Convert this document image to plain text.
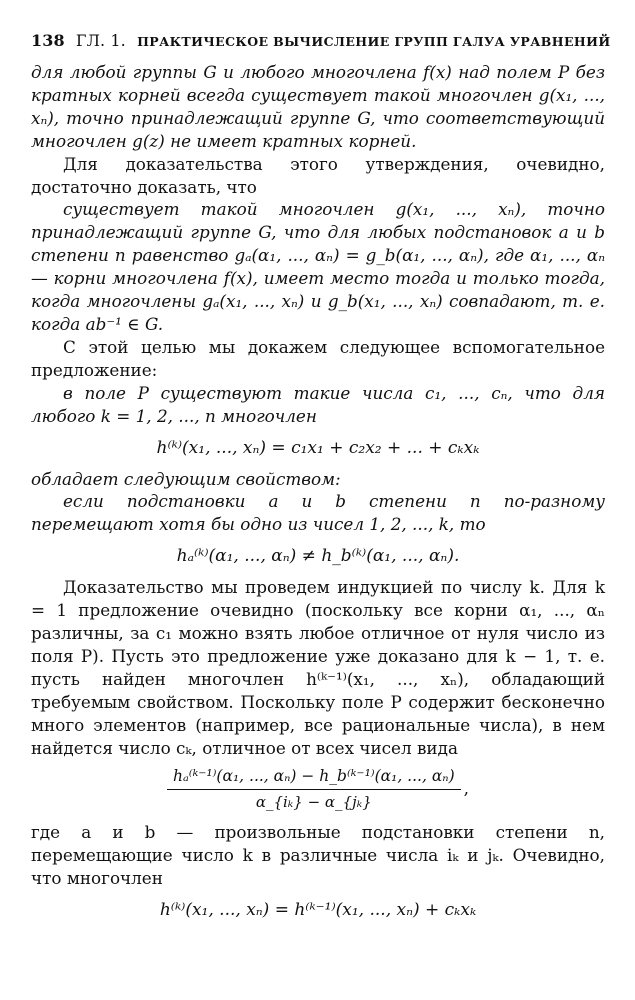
138 ГЛ. 1. ПРАКТИЧЕСКОЕ ВЫЧИСЛЕНИЕ ГРУПП ГАЛУА УРАВНЕНИЙ

для любой группы G и любого многочлена f(x) над полем P без кратных корней всегда существует такой многочлен g(x₁, ..., xₙ), точно принадлежащий группе G, что соответствующий многочлен g(z) не имеет кратных корней.

Для доказательства этого утверждения, очевидно, достаточно доказать, что

существует такой многочлен g(x₁, ..., xₙ), точно принадлежащий группе G, что для любых подстановок a и b степени n равенство gₐ(α₁, ..., αₙ) = g_b(α₁, ..., αₙ), где α₁, ..., αₙ — корни многочлена f(x), имеет место тогда и только тогда, когда многочлены gₐ(x₁, ..., xₙ) и g_b(x₁, ..., xₙ) совпадают, т. е. когда ab⁻¹ ∈ G.

С этой целью мы докажем следующее вспомогательное предложение:

в поле P существуют такие числа c₁, ..., cₙ, что для любого k = 1, 2, ..., n многочлен

h⁽ᵏ⁾(x₁, ..., xₙ) = c₁x₁ + c₂x₂ + ... + cₖxₖ

обладает следующим свойством:

если подстановки a и b степени n по-разному перемещают хотя бы одно из чисел 1, 2, ..., k, то

hₐ⁽ᵏ⁾(α₁, ..., αₙ) ≠ h_b⁽ᵏ⁾(α₁, ..., αₙ).

Доказательство мы проведем индукцией по числу k. Для k = 1 предложение очевидно (поскольку все корни α₁, ..., αₙ различны, за c₁ можно взять любое отличное от нуля число из поля P). Пусть это предложение уже доказано для k − 1, т. е. пусть найден многочлен h⁽ᵏ⁻¹⁾(x₁, ..., xₙ), обладающий требуемым свойством. Поскольку поле P содержит бесконечно много элементов (например, все рациональные числа), в нем найдется число cₖ, отличное от всех чисел вида

$\frac{\text{hₐ⁽ᵏ⁻¹⁾(α₁, ..., αₙ) − h\_b⁽ᵏ⁻¹⁾(α₁, ..., αₙ)}}{\text{α\_\{iₖ\} − α\_\{jₖ\}}}$ ,

где a и b — произвольные подстановки степени n, перемещающие число k в различные числа iₖ и jₖ. Очевидно, что многочлен

h⁽ᵏ⁾(x₁, ..., xₙ) = h⁽ᵏ⁻¹⁾(x₁, ..., xₙ) + cₖxₖ
